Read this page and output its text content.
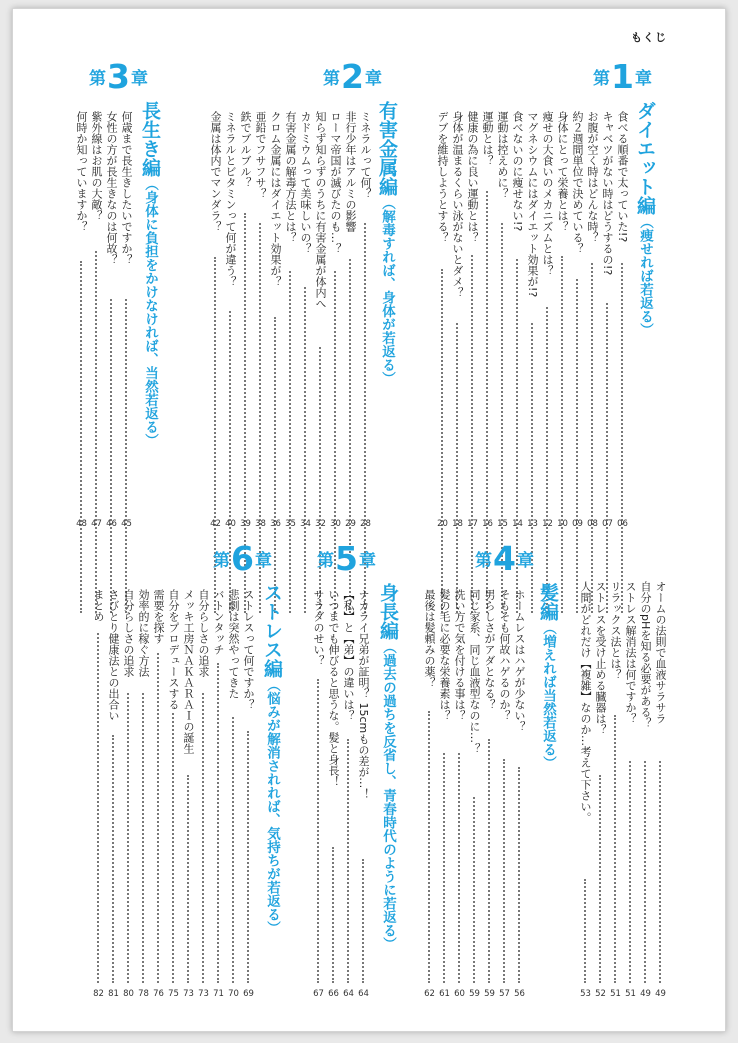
もくじ
第1章
ダイエット編（痩せれば若返る）
食べる順番で太っていた!?
06
キャベツがない時はどうするの!?
07
お腹が空く時はどんな時？
08
約２週間単位で決めている？
09
身体にとって栄養とは？
10
痩せの大食いのメカニズムとは？
12
マグネシウムにはダイエット効果が!?
13
食べないのに痩せない!?
14
運動は控えめに？
15
運動とは？
16
健康の為に良い運動とは？
17
身体が温まるくらい泳がないとダメ？
18
デブを維持しようとする？
20
第2章
有害金属編（解毒すれば、身体が若返る）
ミネラルって何？
28
非行少年はアルミの影響
29
ローマ帝国が滅びたのも…？
30
知らず知らずのうちに有害金属が体内へ
32
カドミウムって美味しいの？
34
有害金属の解毒方法とは？
35
クロム金属にはダイエット効果が？
36
亜鉛でフサフサ？
38
鉄でブルブル？
39
ミネラルとビタミンって何が違う？
40
金属は体内でマンダラ？
42
第3章
長生き編（身体に負担をかけなければ、当然若返る）
何歳まで長生きしたいですか？
45
女性の方が長生きなのは何故？
46
紫外線はお肌の大敵？
47
何時か知っていますか？
48
オームの法則で血液サラサラ
49
自分のpHを知る必要がある？
49
ストレス解消法は何ですか？
51
リラックス法とは？
51
ストレスを受け止める臓器は？
52
人間がどれだけ【複雑】なのか…考えて下さい。
53
第4章
髪編（増えれば当然若返る）
ホームレスはハゲが少ない？
56
そもそも何故ハゲるのか？
57
男らしさがアダとなる？
59
同じ家系、同じ血液型なのに…？
59
洗い方で気を付ける事は？
60
髪の毛に必要な栄養素は？
61
最後は髪頼みの薬？
62
第5章
身長編（過去の過ちを反省し、青春時代のように若返る）
ナカライ兄弟が証明？ 15cmもの差が…！
64
【私】と【弟】の違いは？
64
いつまでも伸びると思うな。髪と身長！
66
サラダのせい？
67
第6章
ストレス編（悩みが解消されれば、気持ちが若返る）
ストレスって何ですか？
69
悲劇は突然やってきた
70
バトンタッチ
71
自分らしさの追求
73
メッキ工房ＮＡＫＡＲＡＩの誕生
73
自分をプロデュースする
75
需要を探す
76
効率的に稼ぐ方法
78
自分らしさの追求
80
さびとり健康法との出合い
81
まとめ
82
